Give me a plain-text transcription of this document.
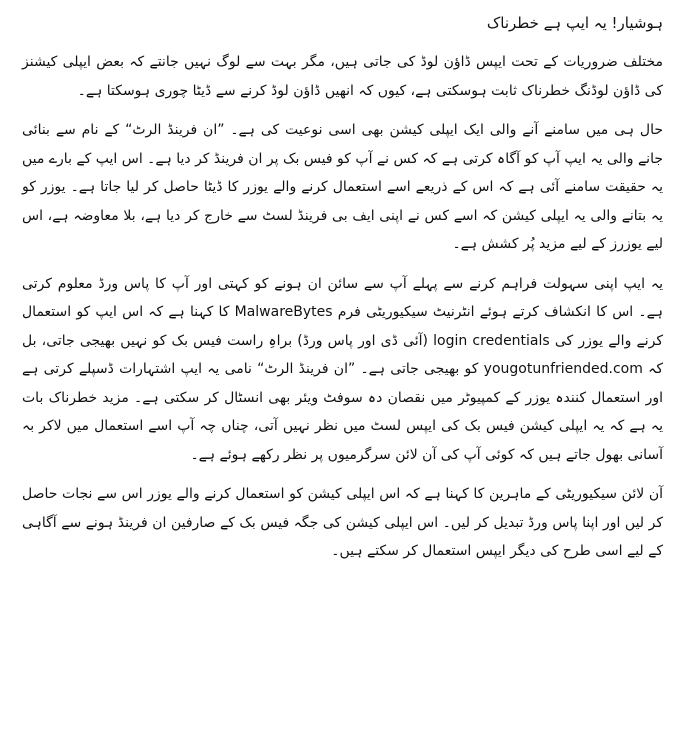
ہوشیار! یہ ایپ ہے خطرناک

مختلف ضروریات کے تحت ایپس ڈاؤن لوڈ کی جاتی ہیں، مگر بہت سے لوگ نہیں جانتے کہ بعض ایپلی کیشنز کی ڈاؤن لوڈنگ خطرناک ثابت ہوسکتی ہے، کیوں کہ انھیں ڈاؤن لوڈ کرنے سے ڈیٹا چوری ہوسکتا ہے۔

حال ہی میں سامنے آنے والی ایک ایپلی کیشن بھی اسی نوعیت کی ہے۔ ”ان فرینڈ الرٹ“ کے نام سے بنائی جانے والی یہ ایپ آپ کو آگاہ کرتی ہے کہ کس نے آپ کو فیس بک پر ان فرینڈ کر دیا ہے۔ اس ایپ کے بارے میں یہ حقیقت سامنے آئی ہے کہ اس کے ذریعے اسے استعمال کرنے والے یوزر کا ڈیٹا حاصل کر لیا جاتا ہے۔ یوزر کو یہ بتانے والی یہ ایپلی کیشن کہ اسے کس نے اپنی ایف بی فرینڈ لسٹ سے خارج کر دیا ہے، بلا معاوضہ ہے، اس لیے یوزرز کے لیے مزید پُر کشش ہے۔

یہ ایپ اپنی سہولت فراہم کرنے سے پہلے آپ سے سائن ان ہونے کو کہتی اور آپ کا پاس ورڈ معلوم کرتی ہے۔ اس کا انکشاف کرتے ہوئے انٹرنیٹ سیکیوریٹی فرم MalwareBytes کا کہنا ہے کہ اس ایپ کو استعمال کرنے والے یوزر کی login credentials (آئی ڈی اور پاس ورڈ) براہِ راست فیس بک کو نہیں بھیجی جاتی، بل کہ yougotunfriended.com کو بھیجی جاتی ہے۔ ”ان فرینڈ الرٹ“ نامی یہ ایپ اشتہارات ڈسپلے کرتی ہے اور استعمال کنندہ یوزر کے کمپیوٹر میں نقصان دہ سوفٹ ویئر بھی انسٹال کر سکتی ہے۔ مزید خطرناک بات یہ ہے کہ یہ ایپلی کیشن فیس بک کی ایپس لسٹ میں نظر نہیں آتی، چناں چہ آپ اسے استعمال میں لاکر بہ آسانی بھول جاتے ہیں کہ کوئی آپ کی آن لائن سرگرمیوں پر نظر رکھے ہوئے ہے۔

آن لائن سیکیوریٹی کے ماہرین کا کہنا ہے کہ اس ایپلی کیشن کو استعمال کرنے والے یوزر اس سے نجات حاصل کر لیں اور اپنا پاس ورڈ تبدیل کر لیں۔ اس ایپلی کیشن کی جگہ فیس بک کے صارفین ان فرینڈ ہونے سے آگاہی کے لیے اسی طرح کی دیگر ایپس استعمال کر سکتے ہیں۔
